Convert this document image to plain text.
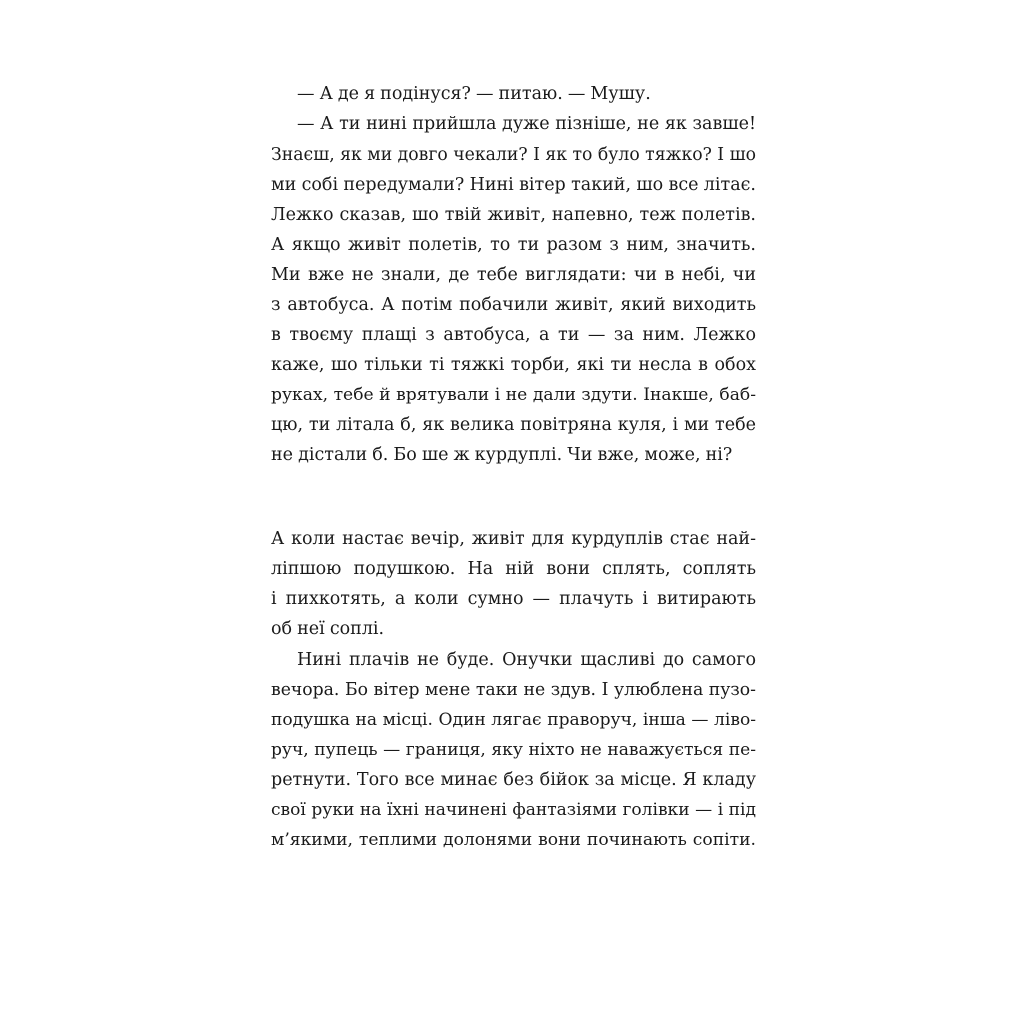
— А де я подінуся? — питаю. — Мушу.
— А ти нині прийшла дуже пізніше, не як завше!
Знаєш, як ми довго чекали? І як то було тяжко? І шо
ми собі передумали? Нині вітер такий, шо все літає.
Лежко сказав, шо твій живіт, напевно, теж полетів.
А якщо живіт полетів, то ти разом з ним, значить.
Ми вже не знали, де тебе виглядати: чи в небі, чи
з автобуса. А потім побачили живіт, який виходить
в твоєму плащі з автобуса, а ти — за ним. Лежко
каже, шо тільки ті тяжкі торби, які ти несла в обох
руках, тебе й врятували і не дали здути. Інакше, баб-
цю, ти літала б, як велика повітряна куля, і ми тебе
не дістали б. Бо ше ж курдуплі. Чи вже, може, ні?
А коли настає вечір, живіт для курдуплів стає най-
ліпшою подушкою. На ній вони сплять, соплять
і пихкотять, а коли сумно — плачуть і витирають
об неї соплі.
Нині плачів не буде. Онучки щасливі до самого
вечора. Бо вітер мене таки не здув. І улюблена пузо-
подушка на місці. Один лягає праворуч, інша — ліво-
руч, пупець — границя, яку ніхто не наважується пе-
ретнути. Того все минає без бійок за місце. Я кладу
свої руки на їхні начинені фантазіями голівки — і під
м’якими, теплими долонями вони починають сопіти.
